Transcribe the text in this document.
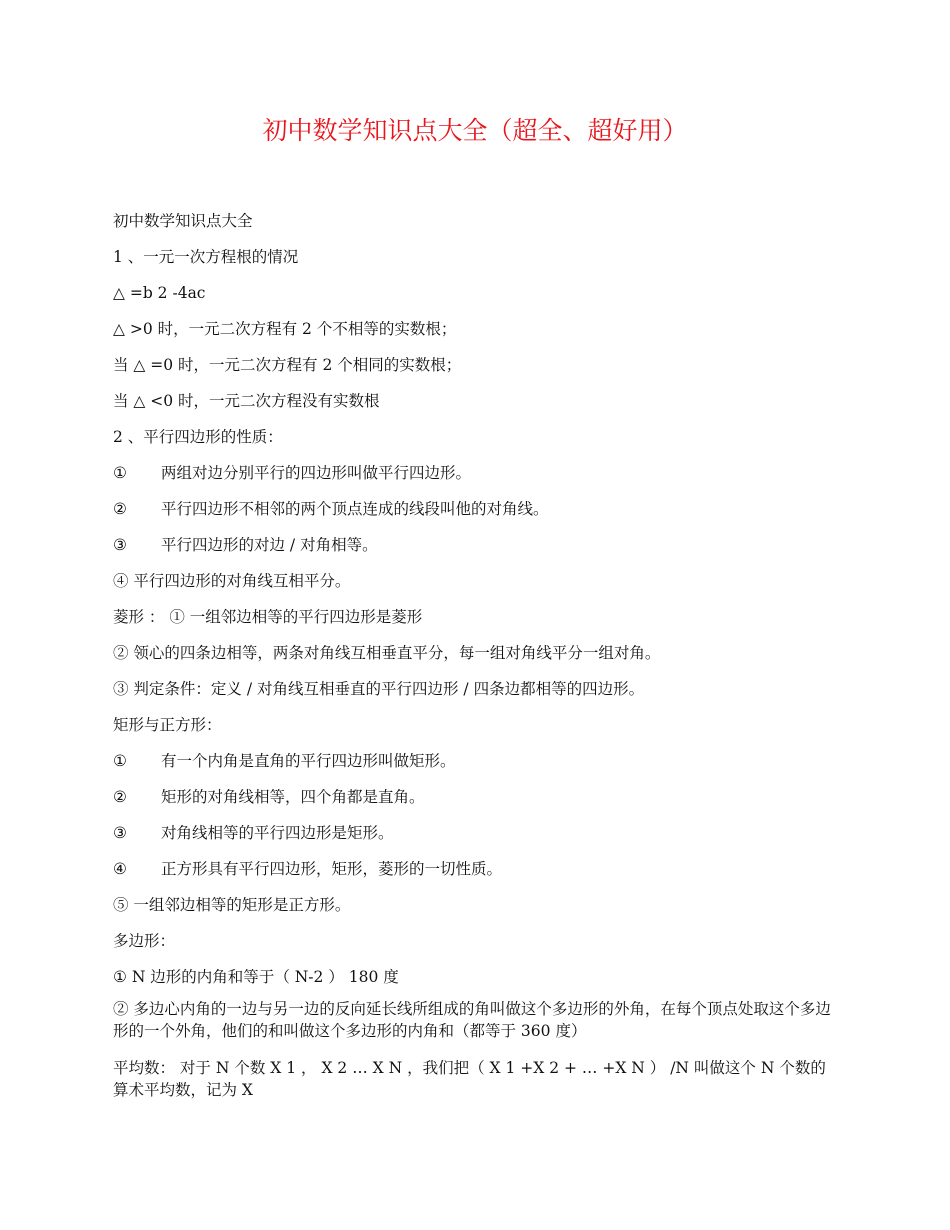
初中数学知识点大全（超全、超好用）
初中数学知识点大全
1 、一元一次方程根的情况
△ =b 2 -4ac
△ >0 时，一元二次方程有 2 个不相等的实数根；
当 △ =0 时，一元二次方程有 2 个相同的实数根；
当 △ <0 时，一元二次方程没有实数根
2 、平行四边形的性质：
① 两组对边分别平行的四边形叫做平行四边形。
② 平行四边形不相邻的两个顶点连成的线段叫他的对角线。
③ 平行四边形的对边 / 对角相等。
④ 平行四边形的对角线互相平分。
菱形 ： ① 一组邻边相等的平行四边形是菱形
② 领心的四条边相等，两条对角线互相垂直平分，每一组对角线平分一组对角。
③ 判定条件：定义 / 对角线互相垂直的平行四边形 / 四条边都相等的四边形。
矩形与正方形：
① 有一个内角是直角的平行四边形叫做矩形。
② 矩形的对角线相等，四个角都是直角。
③ 对角线相等的平行四边形是矩形。
④ 正方形具有平行四边形，矩形，菱形的一切性质。
⑤ 一组邻边相等的矩形是正方形。
多边形：
① N 边形的内角和等于（ N-2 ） 180 度
② 多边心内角的一边与另一边的反向延长线所组成的角叫做这个多边形的外角，在每个顶点处取这个多边形的一个外角，他们的和叫做这个多边形的内角和（都等于 360 度）
平均数： 对于 N 个数 X 1 ， X 2 … X N ，我们把（ X 1 +X 2 + … +X N ） /N 叫做这个 N 个数的算术平均数，记为 X
